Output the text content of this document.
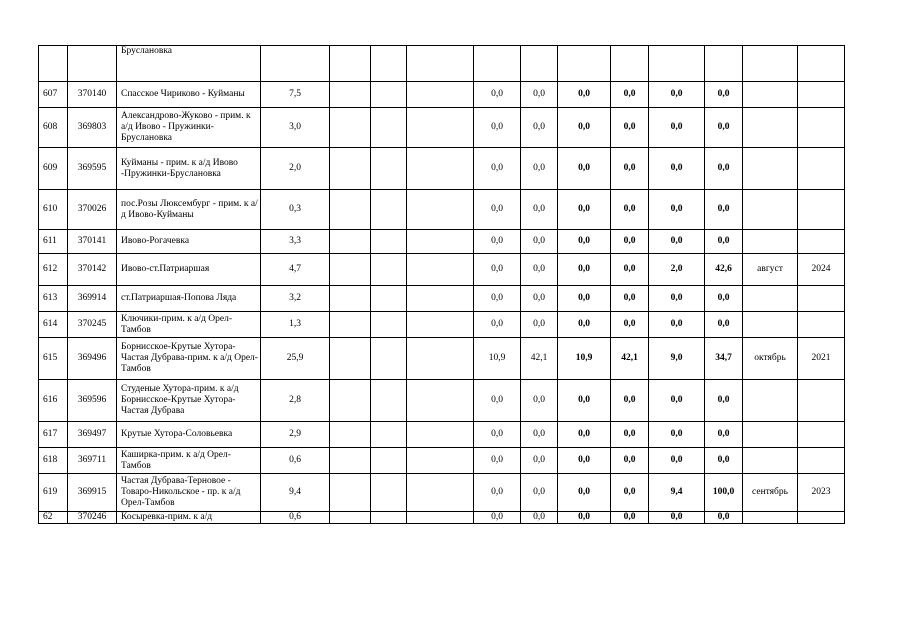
		Бруслановка												
607	370140	Спасское Чириково - Куйманы	7,5				0,0	0,0	0,0	0,0	0,0	0,0		
608	369803	Александрово-Жуково - прим. к а/д Ивово - Пружинки-Бруслановка	3,0				0,0	0,0	0,0	0,0	0,0	0,0		
609	369595	Куйманы - прим. к а/д Ивово -Пружинки-Бруслановка	2,0				0,0	0,0	0,0	0,0	0,0	0,0		
610	370026	пос.Розы Люксембург - прим. к а/д Ивово-Куйманы	0,3				0,0	0,0	0,0	0,0	0,0	0,0		
611	370141	Ивово-Рогачевка	3,3				0,0	0,0	0,0	0,0	0,0	0,0		
612	370142	Ивово-ст.Патриаршая	4,7				0,0	0,0	0,0	0,0	2,0	42,6	август	2024
613	369914	ст.Патриаршая-Попова Ляда	3,2				0,0	0,0	0,0	0,0	0,0	0,0		
614	370245	Ключики-прим. к а/д Орел-Тамбов	1,3				0,0	0,0	0,0	0,0	0,0	0,0		
615	369496	Борнисское-Крутые Хутора-Частая Дубрава-прим. к а/д Орел-Тамбов	25,9				10,9	42,1	10,9	42,1	9,0	34,7	октябрь	2021
616	369596	Студеные Хутора-прим. к а/д Борнисское-Крутые Хутора-Частая Дубрава	2,8				0,0	0,0	0,0	0,0	0,0	0,0		
617	369497	Крутые Хутора-Соловьевка	2,9				0,0	0,0	0,0	0,0	0,0	0,0		
618	369711	Каширка-прим. к а/д Орел-Тамбов	0,6				0,0	0,0	0,0	0,0	0,0	0,0		
619	369915	Частая Дубрава-Терновое - Товаро-Никольское - пр. к а/д Орел-Тамбов	9,4				0,0	0,0	0,0	0,0	9,4	100,0	сентябрь	2023
62	370246	Косыревка-прим. к а/д	0,6				0,0	0,0	0,0	0,0	0,0	0,0		
